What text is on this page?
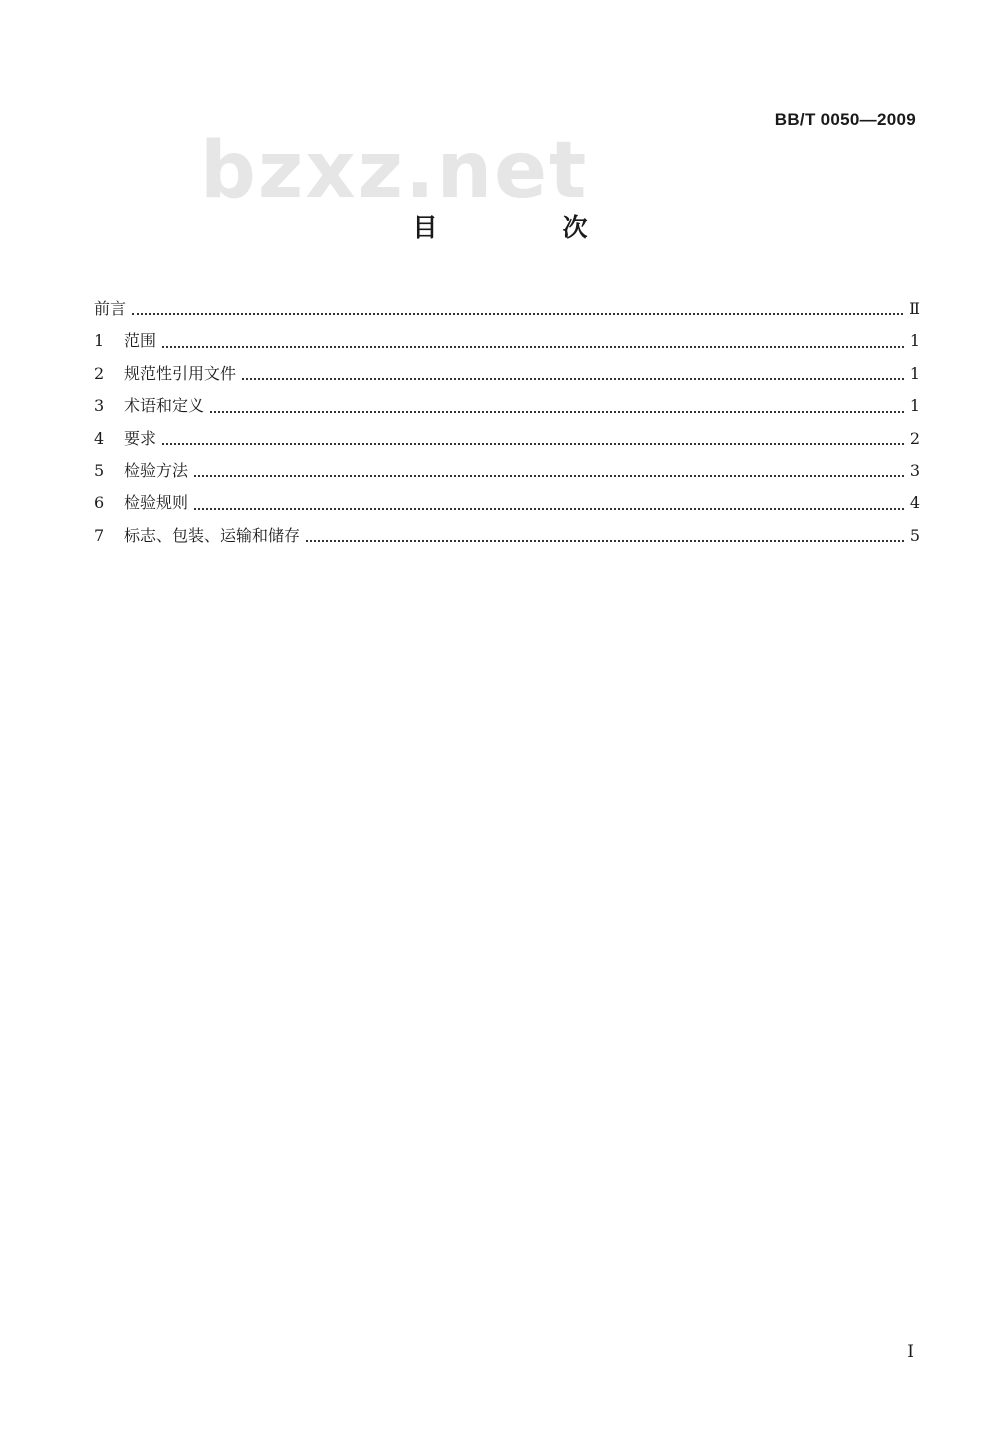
BB/T 0050—2009
bzxz.net
目　次
前言	Ⅱ
1	范围	1
2	规范性引用文件	1
3	术语和定义	1
4	要求	2
5	检验方法	3
6	检验规则	4
7	标志、包装、运输和储存	5
Ⅰ
